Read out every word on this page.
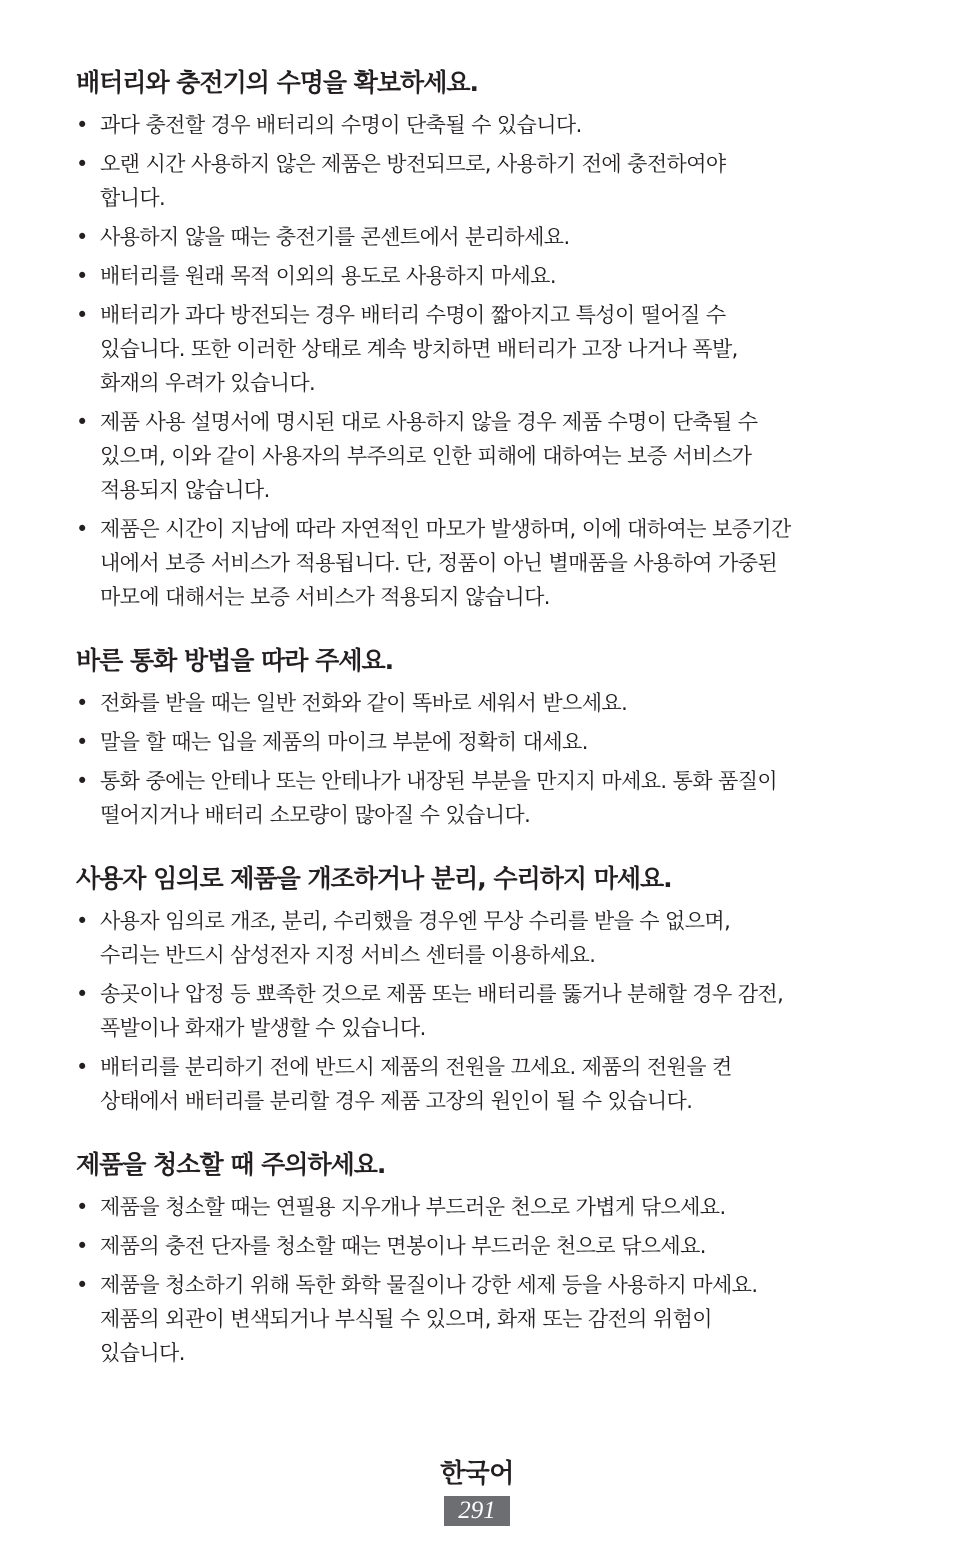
배터리와 충전기의 수명을 확보하세요.
• 과다 충전할 경우 배터리의 수명이 단축될 수 있습니다.
• 오랜 시간 사용하지 않은 제품은 방전되므로, 사용하기 전에 충전하여야
합니다.
• 사용하지 않을 때는 충전기를 콘센트에서 분리하세요.
• 배터리를 원래 목적 이외의 용도로 사용하지 마세요.
• 배터리가 과다 방전되는 경우 배터리 수명이 짧아지고 특성이 떨어질 수
있습니다. 또한 이러한 상태로 계속 방치하면 배터리가 고장 나거나 폭발,
화재의 우려가 있습니다.
• 제품 사용 설명서에 명시된 대로 사용하지 않을 경우 제품 수명이 단축될 수
있으며, 이와 같이 사용자의 부주의로 인한 피해에 대하여는 보증 서비스가
적용되지 않습니다.
• 제품은 시간이 지남에 따라 자연적인 마모가 발생하며, 이에 대하여는 보증기간
내에서 보증 서비스가 적용됩니다. 단, 정품이 아닌 별매품을 사용하여 가중된
마모에 대해서는 보증 서비스가 적용되지 않습니다.
바른 통화 방법을 따라 주세요.
• 전화를 받을 때는 일반 전화와 같이 똑바로 세워서 받으세요.
• 말을 할 때는 입을 제품의 마이크 부분에 정확히 대세요.
• 통화 중에는 안테나 또는 안테나가 내장된 부분을 만지지 마세요. 통화 품질이
떨어지거나 배터리 소모량이 많아질 수 있습니다.
사용자 임의로 제품을 개조하거나 분리, 수리하지 마세요.
• 사용자 임의로 개조, 분리, 수리했을 경우엔 무상 수리를 받을 수 없으며,
수리는 반드시 삼성전자 지정 서비스 센터를 이용하세요.
• 송곳이나 압정 등 뾰족한 것으로 제품 또는 배터리를 뚫거나 분해할 경우 감전,
폭발이나 화재가 발생할 수 있습니다.
• 배터리를 분리하기 전에 반드시 제품의 전원을 끄세요. 제품의 전원을 켠
상태에서 배터리를 분리할 경우 제품 고장의 원인이 될 수 있습니다.
제품을 청소할 때 주의하세요.
• 제품을 청소할 때는 연필용 지우개나 부드러운 천으로 가볍게 닦으세요.
• 제품의 충전 단자를 청소할 때는 면봉이나 부드러운 천으로 닦으세요.
• 제품을 청소하기 위해 독한 화학 물질이나 강한 세제 등을 사용하지 마세요.
제품의 외관이 변색되거나 부식될 수 있으며, 화재 또는 감전의 위험이
있습니다.
한국어
291
